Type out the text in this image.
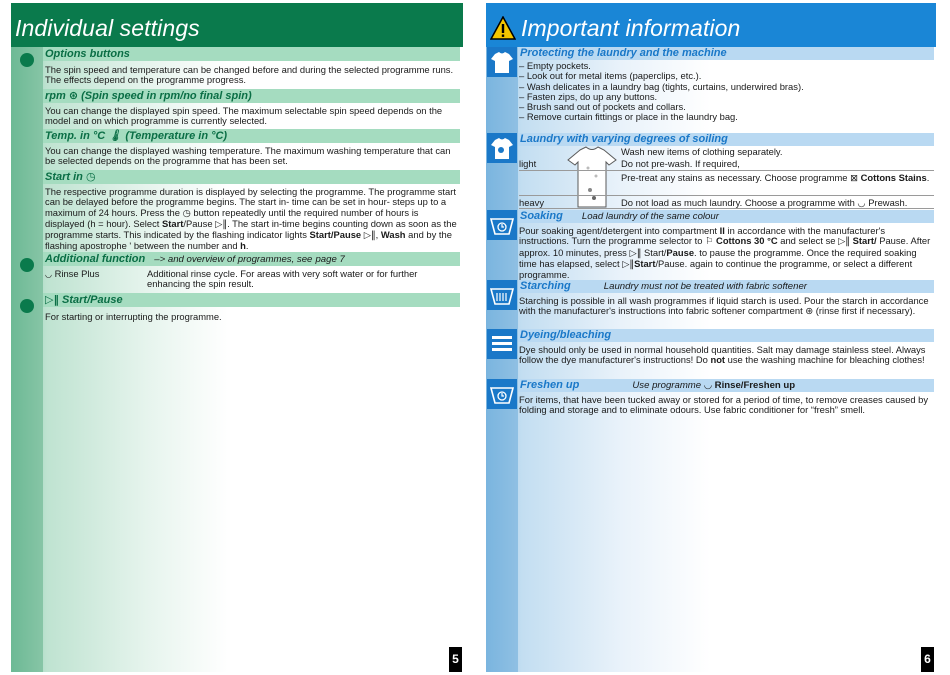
Individual settings
Options buttons
The spin speed and temperature can be changed before and during the selected programme runs. The effects depend on the programme progress.
rpm ⊛ (Spin speed in rpm/no final spin)
You can change the displayed spin speed. The maximum selectable spin speed depends on the model and on which programme is currently selected.
Temp. in °C 🌡 (Temperature in °C)
You can change the displayed washing temperature. The maximum washing temperature that can be selected depends on the programme that has been set.
Start in ◷
The respective programme duration is displayed by selecting the programme. The programme start can be delayed before the programme begins. The start in- time can be set in hour- steps up to a maximum of 24 hours. Press the ◷ button repeatedly until the required number of hours is displayed (h = hour). Select Start/Pause ▷‖. The start in-time begins counting down as soon as the programme starts. This indicated by the flashing indicator lights Start/Pause ▷‖, Wash and by the flashing apostrophe ' between the number and h.
Additional function –> and overview of programmes, see page 7
◡ Rinse Plus	Additional rinse cycle. For areas with very soft water or for further enhancing the spin result.
▷‖ Start/Pause
For starting or interrupting the programme.
5
Important information
Protecting the laundry and the machine
– Empty pockets.
– Look out for metal items (paperclips, etc.).
– Wash delicates in a laundry bag (tights, curtains, underwired bras).
– Fasten zips, do up any buttons.
– Brush sand out of pockets and collars.
– Remove curtain fittings or place in the laundry bag.
Laundry with varying degrees of soiling
Wash new items of clothing separately.
light	Do not pre-wash. If required,
Pre-treat any stains as necessary. Choose programme ⊠ Cottons Stains.
heavy	Do not load as much laundry. Choose a programme with ◡ Prewash.
Soaking Load laundry of the same colour
Pour soaking agent/detergent into compartment II in accordance with the manufacturer's instructions. Turn the programme selector to ⚐ Cottons 30 °C and select se ▷‖ Start/ Pause. After approx. 10 minutes, press ▷‖ Start/Pause. to pause the programme. Once the required soaking time has elapsed, select ▷‖Start/Pause. again to continue the programme, or select a different programme.
Starching	Laundry must not be treated with fabric softener
Starching is possible in all wash programmes if liquid starch is used. Pour the starch in accordance with the manufacturer's instructions into fabric softener compartment ⊛ (rinse first if necessary).
Dyeing/bleaching
Dye should only be used in normal household quantities. Salt may damage stainless steel. Always follow the dye manufacturer's instructions! Do not use the washing machine for bleaching clothes!
Freshen up	Use programme ◡ Rinse/Freshen up
For items, that have been tucked away or stored for a period of time, to remove creases caused by folding and storage and to eliminate odours. Use fabric conditioner for “fresh” smell.
6
